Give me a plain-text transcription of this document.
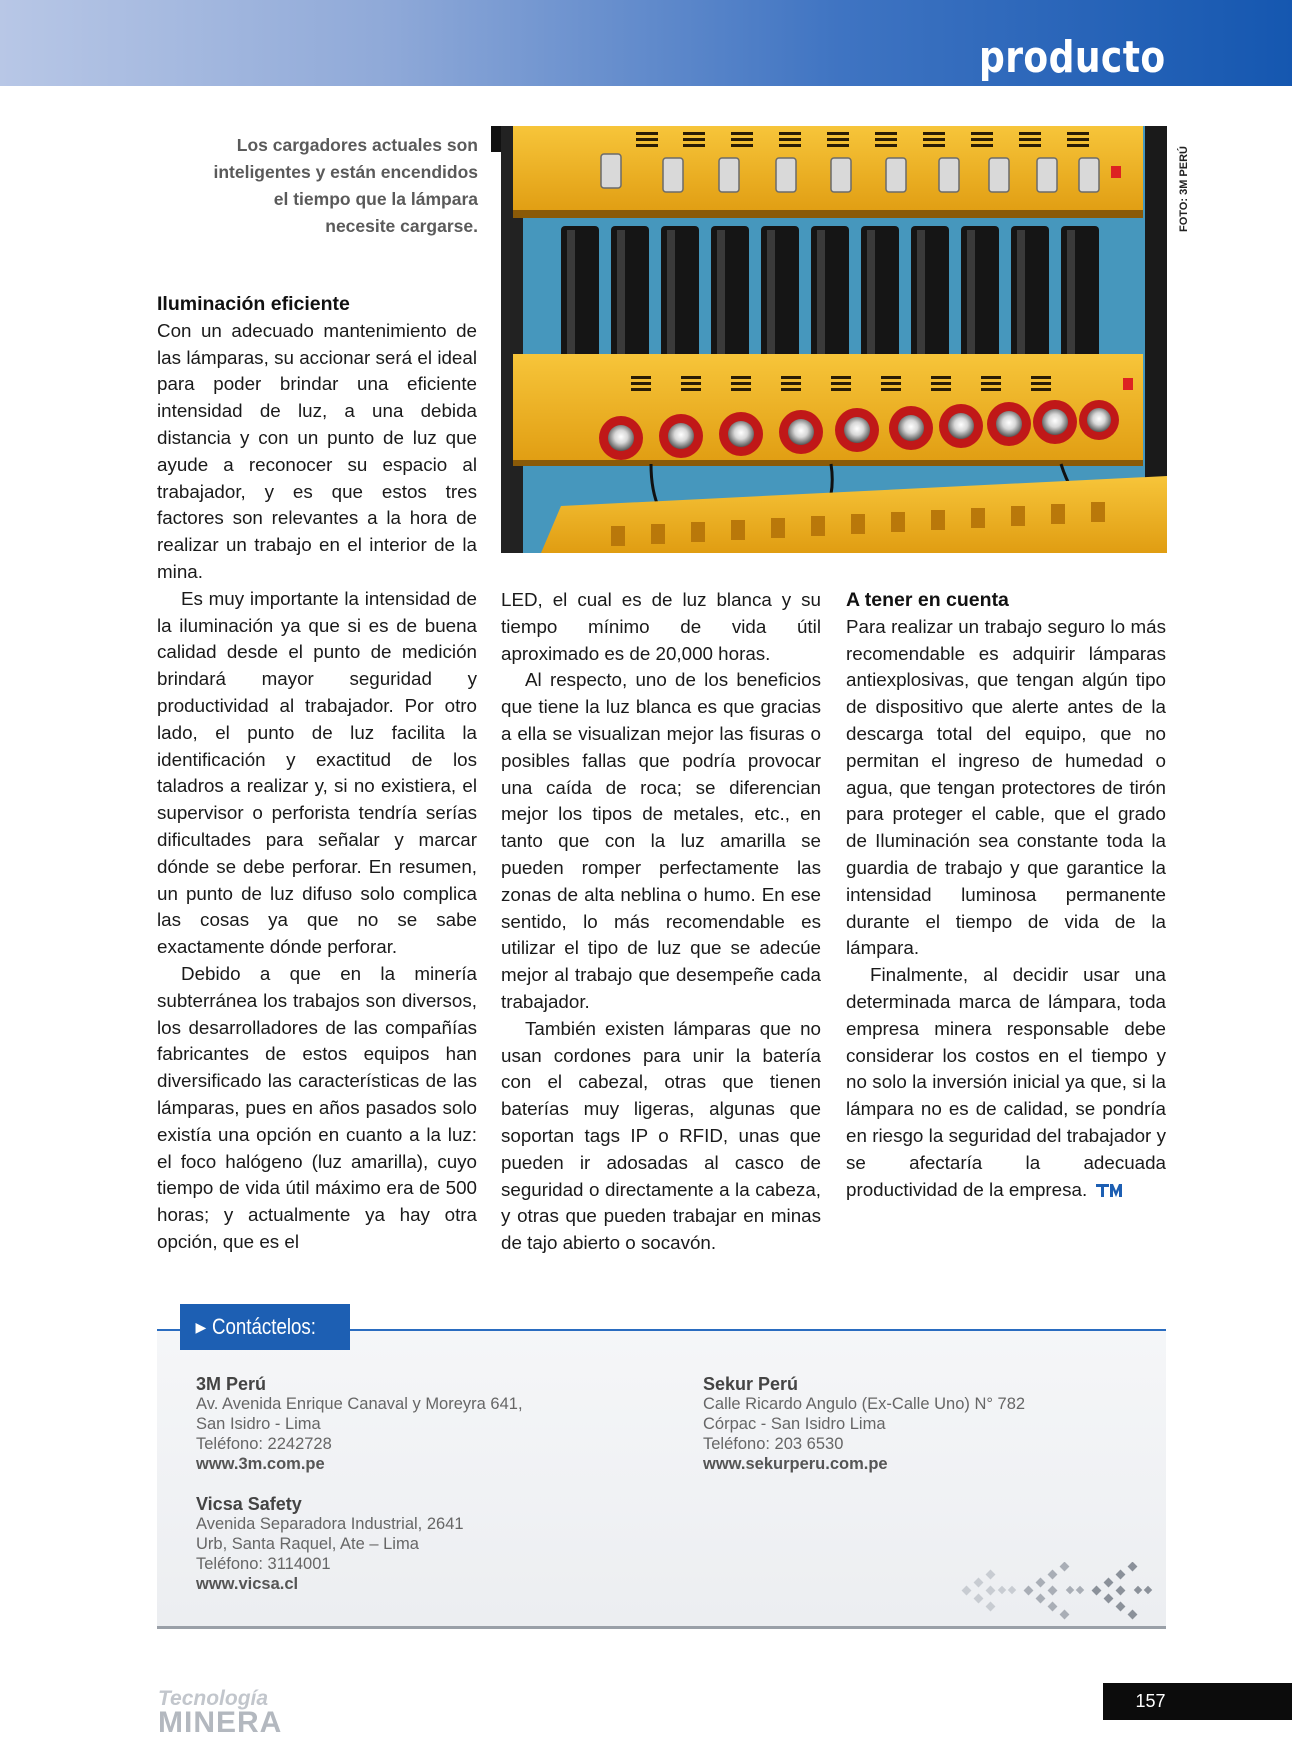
producto
Los cargadores actuales son inteligentes y están encendidos el tiempo que la lámpara necesite cargarse.	FOTO: 3M PERÚ
Iluminación eficiente

Con un adecuado mantenimiento de las lámparas, su accionar será el ideal para poder brindar una eficiente intensidad de luz, a una debida distancia y con un punto de luz que ayude a reconocer su espacio al trabajador, y es que estos tres factores son relevantes a la hora de realizar un trabajo en el interior de la mina.

Es muy importante la intensidad de la iluminación ya que si es de buena calidad desde el punto de medición brindará mayor seguridad y productividad al trabajador. Por otro lado, el punto de luz facilita la identificación y exactitud de los taladros a realizar y, si no existiera, el supervisor o perforista tendría serías dificultades para señalar y marcar dónde se debe perforar. En resumen, un punto de luz difuso solo complica las cosas ya que no se sabe exactamente dónde perforar.

Debido a que en la minería subterránea los trabajos son diversos, los desarrolladores de las compañías fabricantes de estos equipos han diversificado las características de las lámparas, pues en años pasados solo existía una opción en cuanto a la luz: el foco halógeno (luz amarilla), cuyo tiempo de vida útil máximo era de 500 horas; y actualmente ya hay otra opción, que es el

LED, el cual es de luz blanca y su tiempo mínimo de vida útil aproximado es de 20,000 horas.

Al respecto, uno de los beneficios que tiene la luz blanca es que gracias a ella se visualizan mejor las fisuras o posibles fallas que podría provocar una caída de roca; se diferencian mejor los tipos de metales, etc., en tanto que con la luz amarilla se pueden romper perfectamente las zonas de alta neblina o humo. En ese sentido, lo más recomendable es utilizar el tipo de luz que se adecúe mejor al trabajo que desempeñe cada trabajador.

También existen lámparas que no usan cordones para unir la batería con el cabezal, otras que tienen baterías muy ligeras, algunas que soportan tags IP o RFID, unas que pueden ir adosadas al casco de seguridad o directamente a la cabeza, y otras que pueden trabajar en minas de tajo abierto o socavón.

A tener en cuenta

Para realizar un trabajo seguro lo más recomendable es adquirir lámparas antiexplosivas, que tengan algún tipo de dispositivo que alerte antes de la descarga total del equipo, que no permitan el ingreso de humedad o agua, que tengan protectores de tirón para proteger el cable, que el grado de Iluminación sea constante toda la guardia de trabajo y que garantice la intensidad luminosa permanente durante el tiempo de vida de la lámpara.

Finalmente, al decidir usar una determinada marca de lámpara, toda empresa minera responsable debe considerar los costos en el tiempo y no solo la inversión inicial ya que, si la lámpara no es de calidad, se pondría en riesgo la seguridad del trabajador y se afectaría la adecuada productividad de la empresa.

▶ Contáctelos:
3M Perú
Av. Avenida Enrique Canaval y Moreyra 641,
San Isidro - Lima
Teléfono: 2242728
www.3m.com.pe
Sekur Perú
Calle Ricardo Angulo (Ex-Calle Uno) N° 782
Córpac - San Isidro Lima
Teléfono: 203 6530
www.sekurperu.com.pe
Vicsa Safety
Avenida Separadora Industrial, 2641
Urb, Santa Raquel, Ate – Lima
Teléfono: 3114001
www.vicsa.cl
Tecnología
MINERA
157
